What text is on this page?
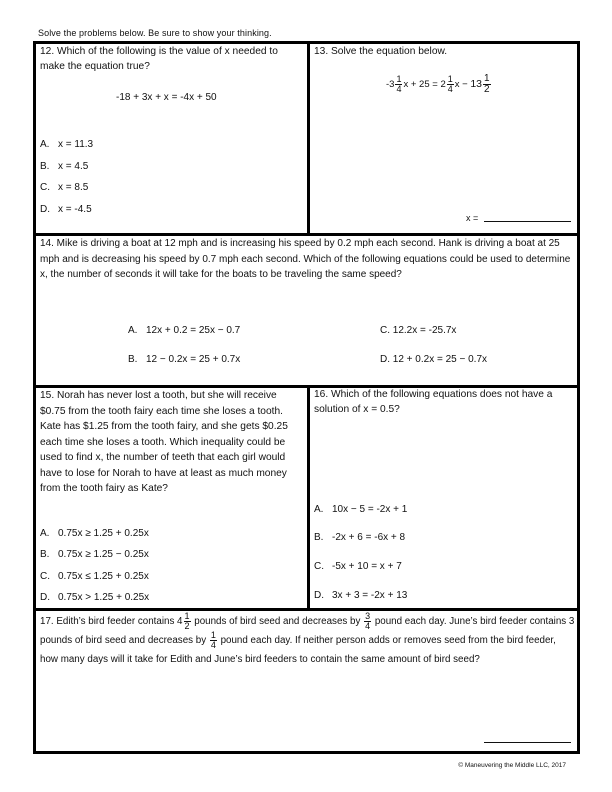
Solve the problems below. Be sure to show your thinking.
12. Which of the following is the value of x needed to make the equation true?
-18 + 3x + x = -4x + 50
A. x = 11.3
B. x = 4.5
C. x = 8.5
D. x = -4.5
13. Solve the equation below.
$-3 \frac{1}{4}$ $x + 25 = 2 \frac{1}{4}$ $x - 13 \frac{1}{2}$
x =
14. Mike is driving a boat at 12 mph and is increasing his speed by 0.2 mph each second. Hank is driving a boat at 25 mph and is decreasing his speed by 0.7 mph each second. Which of the following equations could be used to determine x, the number of seconds it will take for the boats to be traveling the same speed?
A. 12x + 0.2 = 25x − 0.7
B. 12 − 0.2x = 25 + 0.7x
C. 12.2x = -25.7x
D. 12 + 0.2x = 25 − 0.7x
15. Norah has never lost a tooth, but she will receive $0.75 from the tooth fairy each time she loses a tooth. Kate has $1.25 from the tooth fairy, and she gets $0.25 each time she loses a tooth. Which inequality could be used to find x, the number of teeth that each girl would have to lose for Norah to have at least as much money from the tooth fairy as Kate?
A. 0.75x ≥ 1.25 + 0.25x
B. 0.75x ≥ 1.25 − 0.25x
C. 0.75x ≤ 1.25 + 0.25x
D. 0.75x > 1.25 + 0.25x
16. Which of the following equations does not have a solution of x = 0.5?
A. 10x − 5 = -2x + 1
B. -2x + 6 = -6x + 8
C. -5x + 10 = x + 7
D. 3x + 3 = -2x + 13
17. Edith’s bird feeder contains $4 \frac{1}{2}$ pounds of bird seed and decreases by $\frac{3}{4}$ pound each day. June’s bird feeder contains 3 pounds of bird seed and decreases by $\frac{1}{4}$ pound each day. If neither person adds or removes seed from the bird feeder, how many days will it take for Edith and June’s bird feeders to contain the same amount of bird seed?
© Maneuvering the Middle LLC, 2017
